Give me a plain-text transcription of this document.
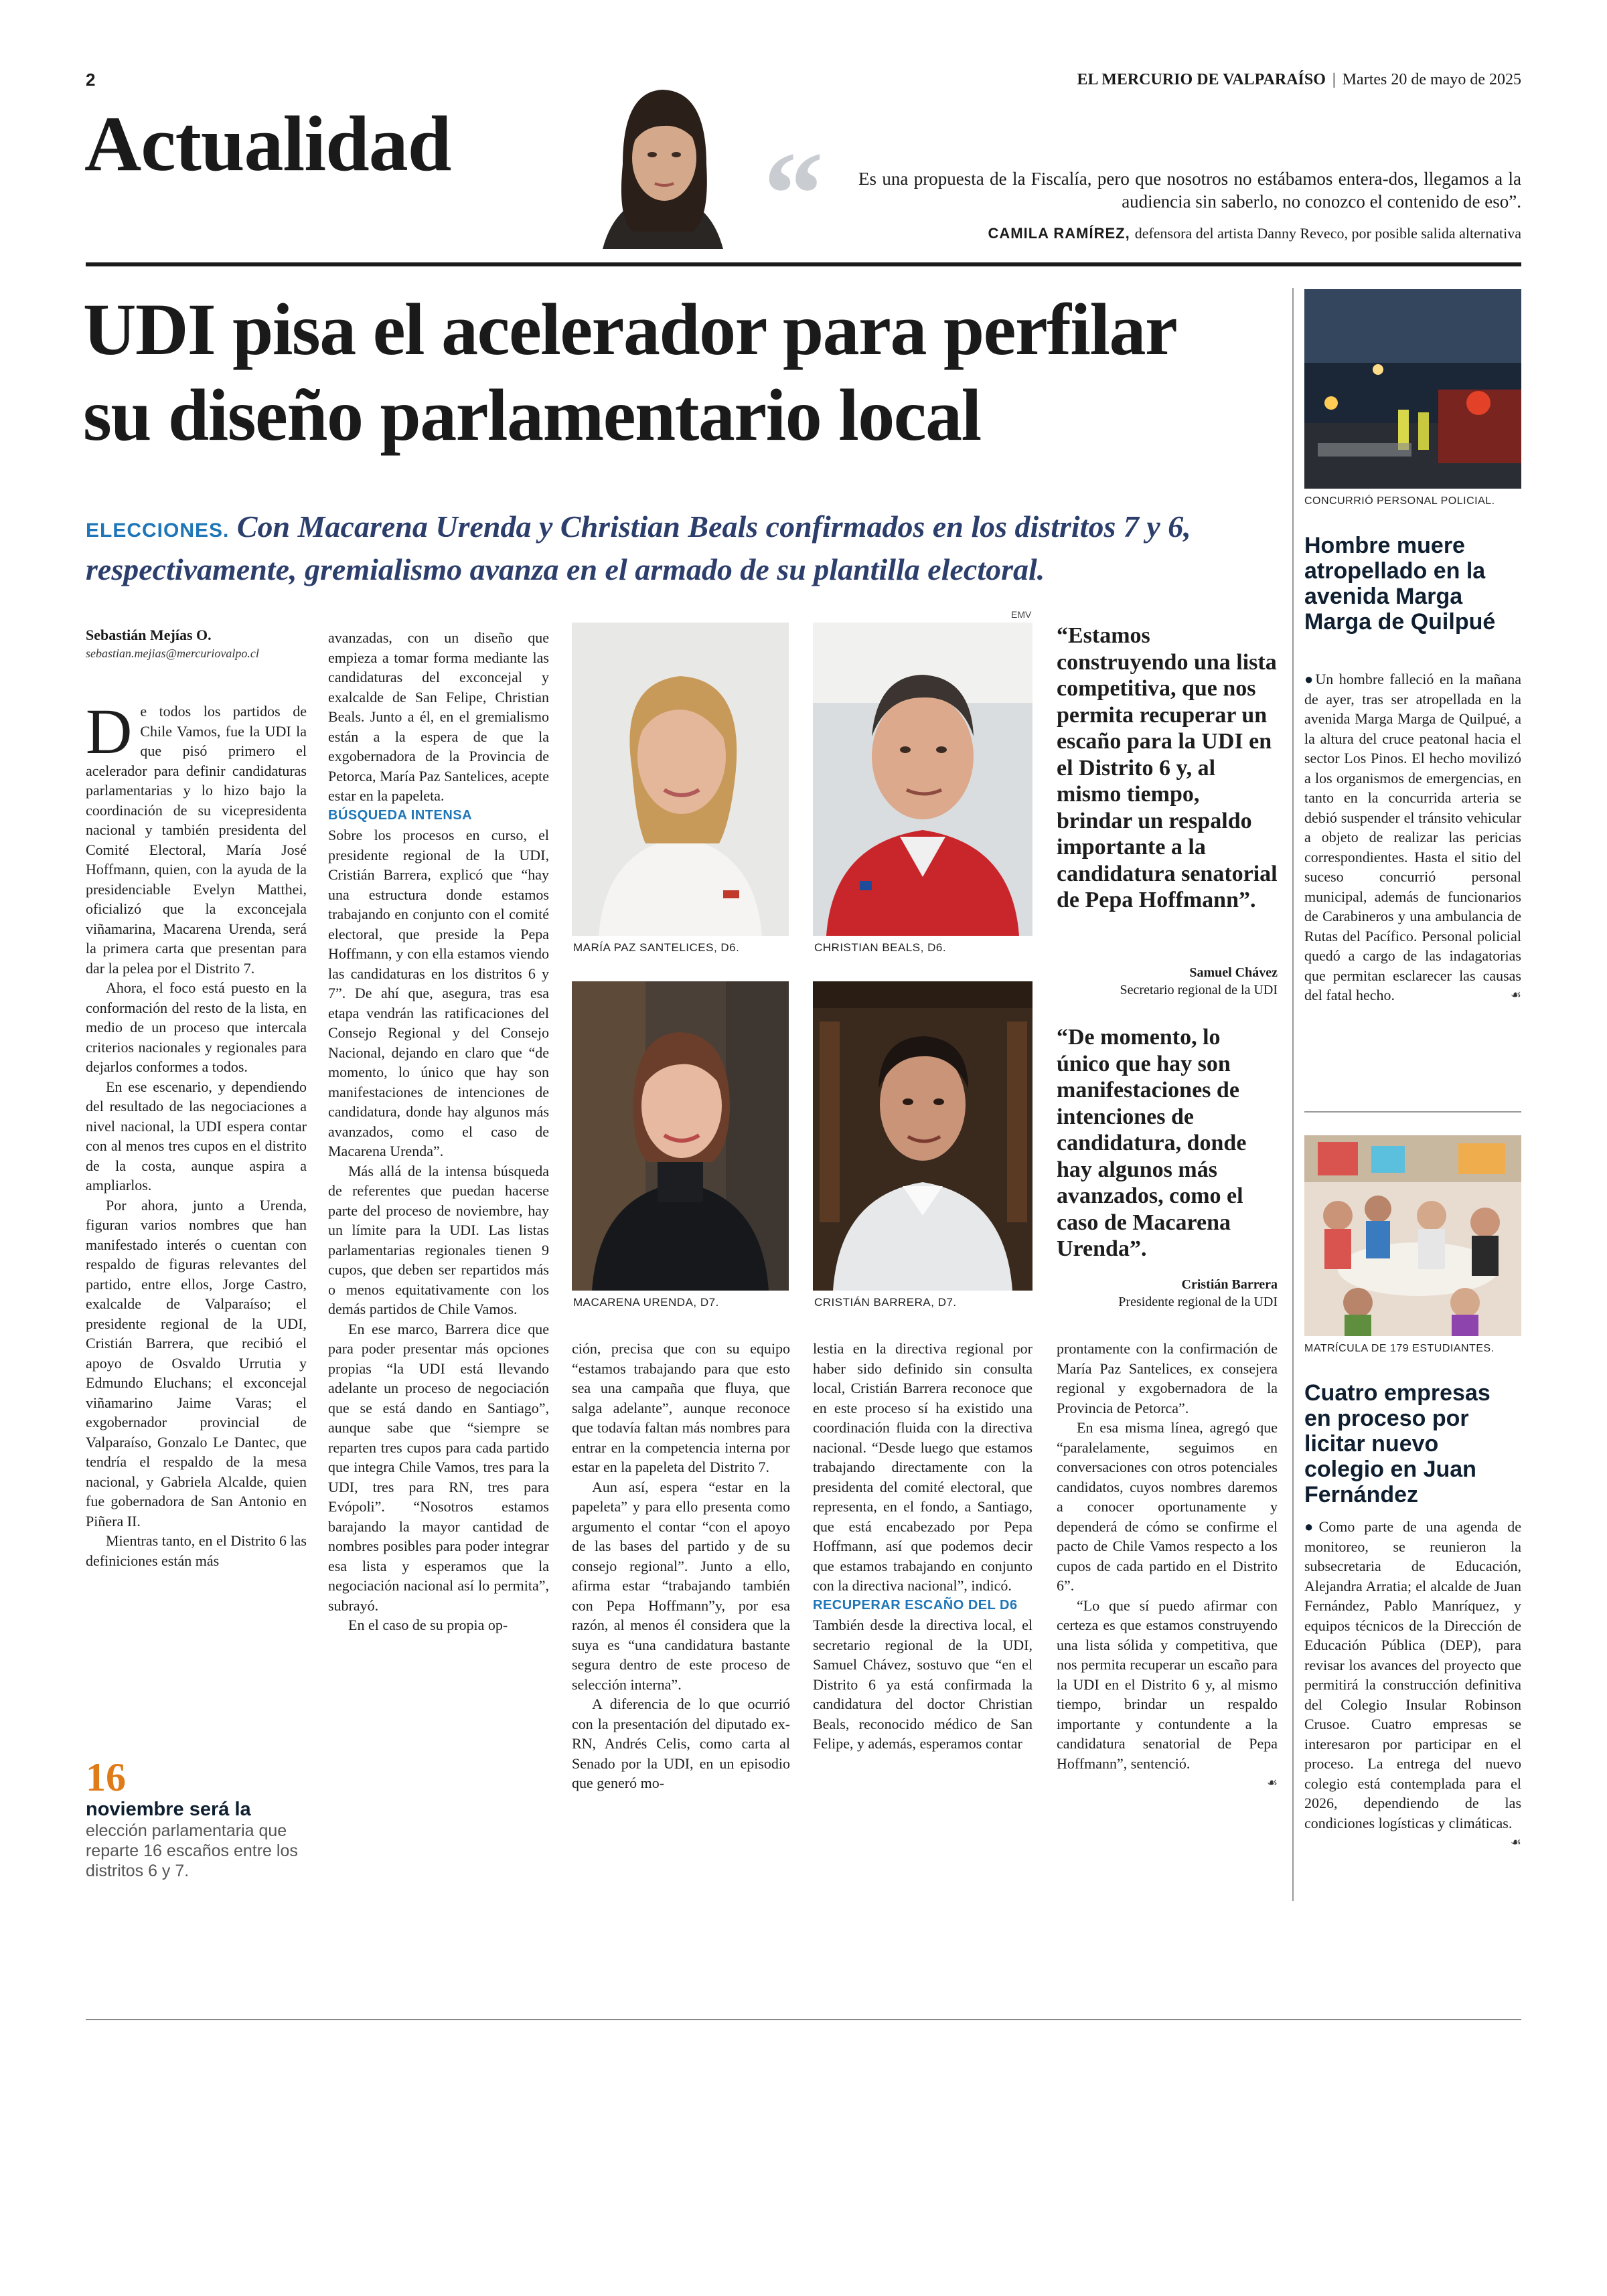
2	EL MERCURIO DE VALPARAÍSO | Martes 20 de mayo de 2025
Actualidad	“ Es una propuesta de la Fiscalía, pero que nosotros no estábamos entera-dos, llegamos a la audiencia sin saberlo, no conozco el contenido de eso”.
CAMILA RAMÍREZ, defensora del artista Danny Reveco, por posible salida alternativa
UDI pisa el acelerador para perfilar
su diseño parlamentario local
ELECCIONES. Con Macarena Urenda y Christian Beals confirmados en los distritos 7 y 6, respectivamente, gremialismo avanza en el armado de su plantilla electoral.
Sebastián Mejías O.
sebastian.mejias@mercuriovalpo.cl
D e todos los partidos de Chile Vamos, fue la UDI la que pisó primero el acelerador para definir candidaturas parlamentarias y lo hizo bajo la coordinación de su vicepresidenta nacional y también presidenta del Comité Electoral, María José Hoffmann, quien, con la ayuda de la presidenciable Evelyn Matthei, oficializó que la exconcejala viñamarina, Macarena Urenda, será la primera carta que presentan para dar la pelea por el Distrito 7.

Ahora, el foco está puesto en la conformación del resto de la lista, en medio de un proceso que intercala criterios nacionales y regionales para dejarlos conformes a todos.

En ese escenario, y dependiendo del resultado de las negociaciones a nivel nacional, la UDI espera contar con al menos tres cupos en el distrito de la costa, aunque aspira a ampliarlos.

Por ahora, junto a Urenda, figuran varios nombres que han manifestado interés o cuentan con respaldo de figuras relevantes del partido, entre ellos, Jorge Castro, exalcalde de Valparaíso; el presidente regional de la UDI, Cristián Barrera, que recibió el apoyo de Osvaldo Urrutia y Edmundo Eluchans; el exconcejal viñamarino Jaime Varas; el exgobernador provincial de Valparaíso, Gonzalo Le Dantec, que tendría el respaldo de la mesa nacional, y Gabriela Alcalde, quien fue gobernadora de San Antonio en Piñera II.

Mientras tanto, en el Distrito 6 las definiciones están más

16
noviembre será la
elección parlamentaria que reparte 16 escaños entre los distritos 6 y 7.

avanzadas, con un diseño que empieza a tomar forma mediante las candidaturas del exconcejal y exalcalde de San Felipe, Christian Beals. Junto a él, en el gremialismo están a la espera de que la exgobernadora de la Provincia de Petorca, María Paz Santelices, acepte estar en la papeleta.

BÚSQUEDA INTENSA

Sobre los procesos en curso, el presidente regional de la UDI, Cristián Barrera, explicó que “hay una estructura donde estamos trabajando en conjunto con el comité electoral, que preside la Pepa Hoffmann, y con ella estamos viendo las candidaturas en los distritos 6 y 7”. De ahí que, asegura, tras esa etapa vendrán las ratificaciones del Consejo Regional y del Consejo Nacional, dejando en claro que “de momento, lo único que hay son manifestaciones de intenciones de candidatura, donde hay algunos más avanzados, como el caso de Macarena Urenda”.

Más allá de la intensa búsqueda de referentes que puedan hacerse parte del proceso de noviembre, hay un límite para la UDI. Las listas parlamentarias regionales tienen 9 cupos, que deben ser repartidos más o menos equitativamente con los demás partidos de Chile Vamos.

En ese marco, Barrera dice que para poder presentar más opciones propias “la UDI está llevando adelante un proceso de negociación que se está dando en Santiago”, aunque sabe que “siempre se reparten tres cupos para cada partido que integra Chile Vamos, tres para la UDI, tres para RN, tres para Evópoli”. “Nosotros estamos barajando la mayor cantidad de nombres posibles para poder integrar esa lista y esperamos que la negociación nacional así lo permita”, subrayó.

En el caso de su propia op-

EMV
MARÍA PAZ SANTELICES, D6.	CHRISTIAN BEALS, D6.
MACARENA URENDA, D7.	CRISTIÁN BARRERA, D7.
“Estamos construyendo una lista competitiva, que nos permita recuperar un escaño para la UDI en el Distrito 6 y, al mismo tiempo, brindar un respaldo importante a la candidatura senatorial de Pepa Hoffmann”.
Samuel Chávez
Secretario regional de la UDI
“De momento, lo único que hay son manifestaciones de intenciones de candidatura, donde hay algunos más avanzados, como el caso de Macarena Urenda”.
Cristián Barrera
Presidente regional de la UDI

ción, precisa que con su equipo “estamos trabajando para que esto sea una campaña que fluya, que salga adelante”, aunque reconoce que todavía faltan más nombres para entrar en la competencia interna por estar en la papeleta del Distrito 7.

Aun así, espera “estar en la papeleta” y para ello presenta como argumento el contar “con el apoyo de las bases del partido y de su consejo regional”. Junto a ello, afirma estar “trabajando también con Pepa Hoffmann”y, por esa razón, al menos él considera que la suya es “una candidatura bastante segura dentro de este proceso de selección interna”.

A diferencia de lo que ocurrió con la presentación del diputado ex-RN, Andrés Celis, como carta al Senado por la UDI, en un episodio que generó mo-

lestia en la directiva regional por haber sido definido sin consulta local, Cristián Barrera reconoce que en este proceso sí ha existido una coordinación fluida con la directiva nacional. “Desde luego que estamos trabajando directamente con la presidenta del comité electoral, que representa, en el fondo, a Santiago, que está encabezado por Pepa Hoffmann, así que podemos decir que estamos trabajando en conjunto con la directiva nacional”, indicó.

RECUPERAR ESCAÑO DEL D6

También desde la directiva local, el secretario regional de la UDI, Samuel Chávez, sostuvo que “en el Distrito 6 ya está confirmada la candidatura del doctor Christian Beals, reconocido médico de San Felipe, y además, esperamos contar

prontamente con la confirmación de María Paz Santelices, ex consejera regional y exgobernadora de la Provincia de Petorca”.

En esa misma línea, agregó que “paralelamente, seguimos en conversaciones con otros potenciales candidatos, cuyos nombres daremos a conocer oportunamente y dependerá de cómo se confirme el pacto de Chile Vamos respecto a los cupos de cada partido en el Distrito 6”.

“Lo que sí puedo afirmar con certeza es que estamos construyendo una lista sólida y competitiva, que nos permita recuperar un escaño para la UDI en el Distrito 6 y, al mismo tiempo, brindar un respaldo importante y contundente a la candidatura senatorial de Pepa Hoffmann”, sentenció.

☙
CONCURRIÓ PERSONAL POLICIAL.
Hombre muere atropellado en la avenida Marga Marga de Quilpué
●Un hombre falleció en la mañana de ayer, tras ser atropellada en la avenida Marga Marga de Quilpué, a la altura del cruce peatonal hacia el sector Los Pinos. El hecho movilizó a los organismos de emergencias, en tanto en la concurrida arteria se debió suspender el tránsito vehicular a objeto de realizar las pericias correspondientes. Hasta el sitio del suceso concurrió personal municipal, además de funcionarios de Carabineros y una ambulancia de Rutas del Pacífico. Personal policial quedó a cargo de las indagatorias que permitan esclarecer las causas del fatal hecho.	☙
MATRÍCULA DE 179 ESTUDIANTES.
Cuatro empresas en proceso por licitar nuevo colegio en Juan Fernández
●Como parte de una agenda de monitoreo, se reunieron la subsecretaria de Educación, Alejandra Arratia; el alcalde de Juan Fernández, Pablo Manríquez, y equipos técnicos de la Dirección de Educación Pública (DEP), para revisar los avances del proyecto que permitirá la construcción definitiva del Colegio Insular Robinson Crusoe. Cuatro empresas se interesaron por participar en el proceso. La entrega del nuevo colegio está contemplada para el 2026, dependiendo de las condiciones logísticas y climáticas.
☙
